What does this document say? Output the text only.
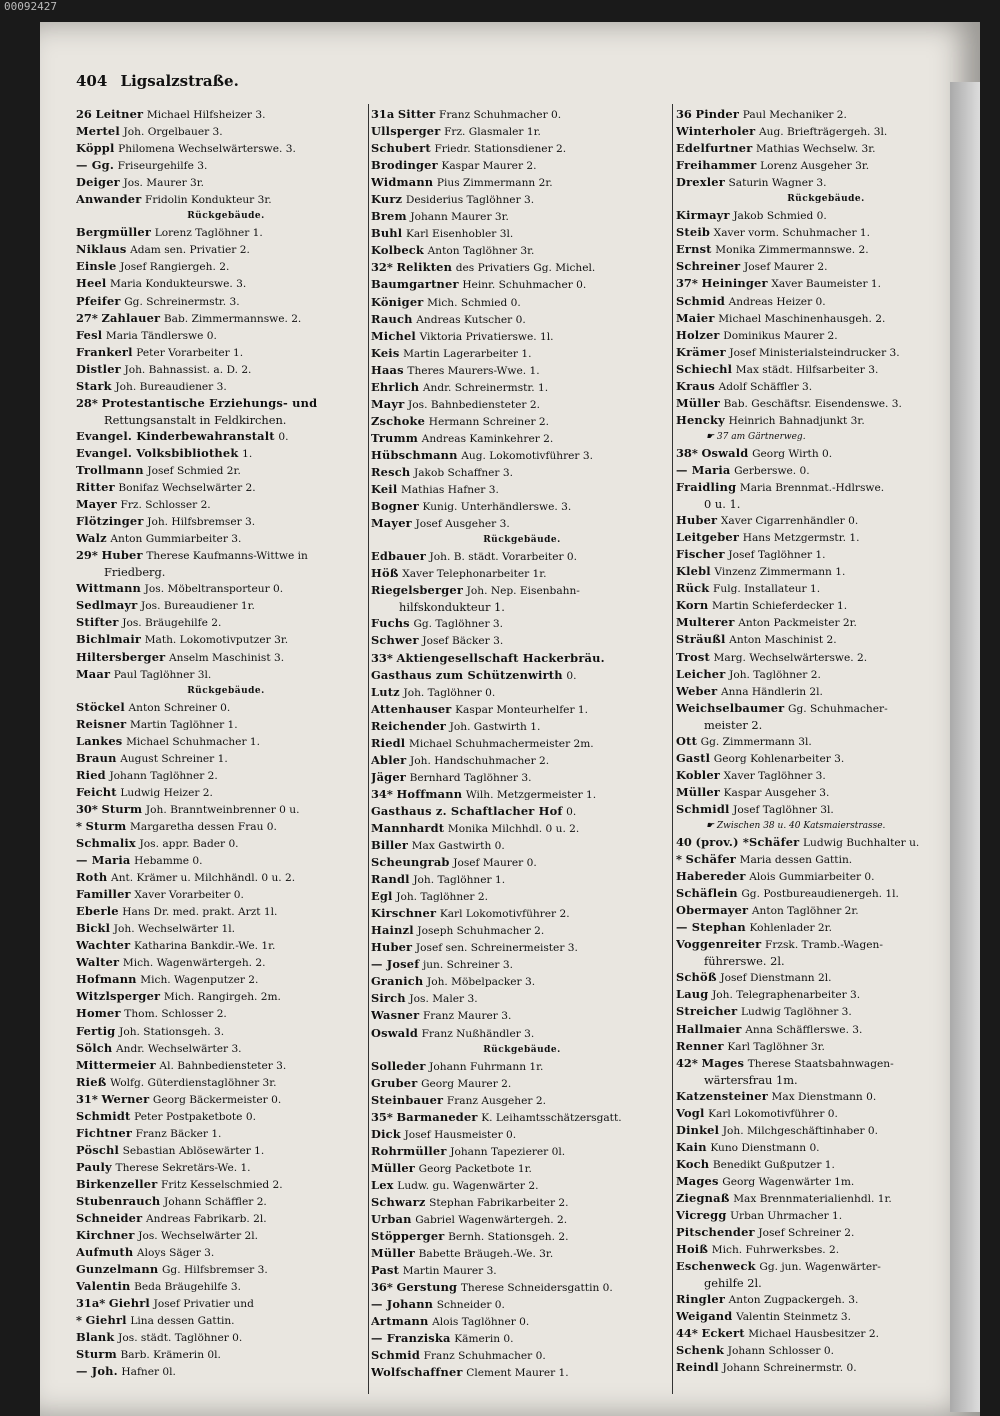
404 Ligsalzstraße.
26 Leitner Michael Hilfsheizer 3.
Mertel Joh. Orgelbauer 3.
Köppl Philomena Wechselwärterswe. 3.
— Gg. Friseurgehilfe 3.
Deiger Jos. Maurer 3r.
Anwander Fridolin Kondukteur 3r.
Rückgebäude.
Bergmüller Lorenz Taglöhner 1.
Niklaus Adam sen. Privatier 2.
Einsle Josef Rangiergeh. 2.
Heel Maria Kondukteurswe. 3.
Pfeifer Gg. Schreinermstr. 3.
27* Zahlauer Bab. Zimmermannswe. 2.
Fesl Maria Tändlerswe 0.
Frankerl Peter Vorarbeiter 1.
Distler Joh. Bahnassist. a. D. 2.
Stark Joh. Bureaudiener 3.
28* Protestantische Erziehungs- und
Rettungsanstalt in Feldkirchen.
Evangel. Kinderbewahranstalt 0.
Evangel. Volksbibliothek 1.
Trollmann Josef Schmied 2r.
Ritter Bonifaz Wechselwärter 2.
Mayer Frz. Schlosser 2.
Flötzinger Joh. Hilfsbremser 3.
Walz Anton Gummiarbeiter 3.
29* Huber Therese Kaufmanns-Wittwe in
Friedberg.
Wittmann Jos. Möbeltransporteur 0.
Sedlmayr Jos. Bureaudiener 1r.
Stifter Jos. Bräugehilfe 2.
Bichlmair Math. Lokomotivputzer 3r.
Hiltersberger Anselm Maschinist 3.
Maar Paul Taglöhner 3l.
Rückgebäude.
Stöckel Anton Schreiner 0.
Reisner Martin Taglöhner 1.
Lankes Michael Schuhmacher 1.
Braun August Schreiner 1.
Ried Johann Taglöhner 2.
Feicht Ludwig Heizer 2.
30* Sturm Joh. Branntweinbrenner 0 u.
* Sturm Margaretha dessen Frau 0.
Schmalix Jos. appr. Bader 0.
— Maria Hebamme 0.
Roth Ant. Krämer u. Milchhändl. 0 u. 2.
Familler Xaver Vorarbeiter 0.
Eberle Hans Dr. med. prakt. Arzt 1l.
Bickl Joh. Wechselwärter 1l.
Wachter Katharina Bankdir.-We. 1r.
Walter Mich. Wagenwärtergeh. 2.
Hofmann Mich. Wagenputzer 2.
Witzlsperger Mich. Rangirgeh. 2m.
Homer Thom. Schlosser 2.
Fertig Joh. Stationsgeh. 3.
Sölch Andr. Wechselwärter 3.
Mittermeier Al. Bahnbediensteter 3.
Rieß Wolfg. Güterdienstaglöhner 3r.
31* Werner Georg Bäckermeister 0.
Schmidt Peter Postpaketbote 0.
Fichtner Franz Bäcker 1.
Pöschl Sebastian Ablösewärter 1.
Pauly Therese Sekretärs-We. 1.
Birkenzeller Fritz Kesselschmied 2.
Stubenrauch Johann Schäffler 2.
Schneider Andreas Fabrikarb. 2l.
Kirchner Jos. Wechselwärter 2l.
Aufmuth Aloys Säger 3.
Gunzelmann Gg. Hilfsbremser 3.
Valentin Beda Bräugehilfe 3.
31a* Giehrl Josef Privatier und
* Giehrl Lina dessen Gattin.
Blank Jos. städt. Taglöhner 0.
Sturm Barb. Krämerin 0l.
— Joh. Hafner 0l.
31a Sitter Franz Schuhmacher 0.
Ullsperger Frz. Glasmaler 1r.
Schubert Friedr. Stationsdiener 2.
Brodinger Kaspar Maurer 2.
Widmann Pius Zimmermann 2r.
Kurz Desiderius Taglöhner 3.
Brem Johann Maurer 3r.
Buhl Karl Eisenhobler 3l.
Kolbeck Anton Taglöhner 3r.
32* Relikten des Privatiers Gg. Michel.
Baumgartner Heinr. Schuhmacher 0.
Königer Mich. Schmied 0.
Rauch Andreas Kutscher 0.
Michel Viktoria Privatierswe. 1l.
Keis Martin Lagerarbeiter 1.
Haas Theres Maurers-Wwe. 1.
Ehrlich Andr. Schreinermstr. 1.
Mayr Jos. Bahnbediensteter 2.
Zschoke Hermann Schreiner 2.
Trumm Andreas Kaminkehrer 2.
Hübschmann Aug. Lokomotivführer 3.
Resch Jakob Schaffner 3.
Keil Mathias Hafner 3.
Bogner Kunig. Unterhändlerswe. 3.
Mayer Josef Ausgeher 3.
Rückgebäude.
Edbauer Joh. B. städt. Vorarbeiter 0.
Höß Xaver Telephonarbeiter 1r.
Riegelsberger Joh. Nep. Eisenbahn-
hilfskondukteur 1.
Fuchs Gg. Taglöhner 3.
Schwer Josef Bäcker 3.
33* Aktiengesellschaft Hackerbräu.
Gasthaus zum Schützenwirth 0.
Lutz Joh. Taglöhner 0.
Attenhauser Kaspar Monteurhelfer 1.
Reichender Joh. Gastwirth 1.
Riedl Michael Schuhmachermeister 2m.
Abler Joh. Handschuhmacher 2.
Jäger Bernhard Taglöhner 3.
34* Hoffmann Wilh. Metzgermeister 1.
Gasthaus z. Schaftlacher Hof 0.
Mannhardt Monika Milchhdl. 0 u. 2.
Biller Max Gastwirth 0.
Scheungrab Josef Maurer 0.
Randl Joh. Taglöhner 1.
Egl Joh. Taglöhner 2.
Kirschner Karl Lokomotivführer 2.
Hainzl Joseph Schuhmacher 2.
Huber Josef sen. Schreinermeister 3.
— Josef jun. Schreiner 3.
Granich Joh. Möbelpacker 3.
Sirch Jos. Maler 3.
Wasner Franz Maurer 3.
Oswald Franz Nußhändler 3.
Rückgebäude.
Solleder Johann Fuhrmann 1r.
Gruber Georg Maurer 2.
Steinbauer Franz Ausgeher 2.
35* Barmaneder K. Leihamtsschätzersgatt.
Dick Josef Hausmeister 0.
Rohrmüller Johann Tapezierer 0l.
Müller Georg Packetbote 1r.
Lex Ludw. gu. Wagenwärter 2.
Schwarz Stephan Fabrikarbeiter 2.
Urban Gabriel Wagenwärtergeh. 2.
Stöpperger Bernh. Stationsgeh. 2.
Müller Babette Bräugeh.-We. 3r.
Past Martin Maurer 3.
36* Gerstung Therese Schneidersgattin 0.
— Johann Schneider 0.
Artmann Alois Taglöhner 0.
— Franziska Kämerin 0.
Schmid Franz Schuhmacher 0.
Wolfschaffner Clement Maurer 1.
36 Pinder Paul Mechaniker 2.
Winterholer Aug. Briefträgergeh. 3l.
Edelfurtner Mathias Wechselw. 3r.
Freihammer Lorenz Ausgeher 3r.
Drexler Saturin Wagner 3.
Rückgebäude.
Kirmayr Jakob Schmied 0.
Steib Xaver vorm. Schuhmacher 1.
Ernst Monika Zimmermannswe. 2.
Schreiner Josef Maurer 2.
37* Heininger Xaver Baumeister 1.
Schmid Andreas Heizer 0.
Maier Michael Maschinenhausgeh. 2.
Holzer Dominikus Maurer 2.
Krämer Josef Ministerialsteindrucker 3.
Schiechl Max städt. Hilfsarbeiter 3.
Kraus Adolf Schäffler 3.
Müller Bab. Geschäftsr. Eisendenswe. 3.
Hencky Heinrich Bahnadjunkt 3r.
☛ 37 am Gärtnerweg.
38* Oswald Georg Wirth 0.
— Maria Gerberswe. 0.
Fraidling Maria Brennmat.-Hdlrswe.
0 u. 1.
Huber Xaver Cigarrenhändler 0.
Leitgeber Hans Metzgermstr. 1.
Fischer Josef Taglöhner 1.
Klebl Vinzenz Zimmermann 1.
Rück Fulg. Installateur 1.
Korn Martin Schieferdecker 1.
Multerer Anton Packmeister 2r.
Sträußl Anton Maschinist 2.
Trost Marg. Wechselwärterswe. 2.
Leicher Joh. Taglöhner 2.
Weber Anna Händlerin 2l.
Weichselbaumer Gg. Schuhmacher-
meister 2.
Ott Gg. Zimmermann 3l.
Gastl Georg Kohlenarbeiter 3.
Kobler Xaver Taglöhner 3.
Müller Kaspar Ausgeher 3.
Schmidl Josef Taglöhner 3l.
☛ Zwischen 38 u. 40 Katsmaierstrasse.
40 (prov.) *Schäfer Ludwig Buchhalter u.
* Schäfer Maria dessen Gattin.
Habereder Alois Gummiarbeiter 0.
Schäflein Gg. Postbureaudienergeh. 1l.
Obermayer Anton Taglöhner 2r.
— Stephan Kohlenlader 2r.
Voggenreiter Frzsk. Tramb.-Wagen-
führerswe. 2l.
Schöß Josef Dienstmann 2l.
Laug Joh. Telegraphenarbeiter 3.
Streicher Ludwig Taglöhner 3.
Hallmaier Anna Schäfflerswe. 3.
Renner Karl Taglöhner 3r.
42* Mages Therese Staatsbahnwagen-
wärtersfrau 1m.
Katzensteiner Max Dienstmann 0.
Vogl Karl Lokomotivführer 0.
Dinkel Joh. Milchgeschäftinhaber 0.
Kain Kuno Dienstmann 0.
Koch Benedikt Gußputzer 1.
Mages Georg Wagenwärter 1m.
Ziegnaß Max Brennmaterialienhdl. 1r.
Vicregg Urban Uhrmacher 1.
Pitschender Josef Schreiner 2.
Hoiß Mich. Fuhrwerksbes. 2.
Eschenweck Gg. jun. Wagenwärter-
gehilfe 2l.
Ringler Anton Zugpackergeh. 3.
Weigand Valentin Steinmetz 3.
44* Eckert Michael Hausbesitzer 2.
Schenk Johann Schlosser 0.
Reindl Johann Schreinermstr. 0.
00092427
